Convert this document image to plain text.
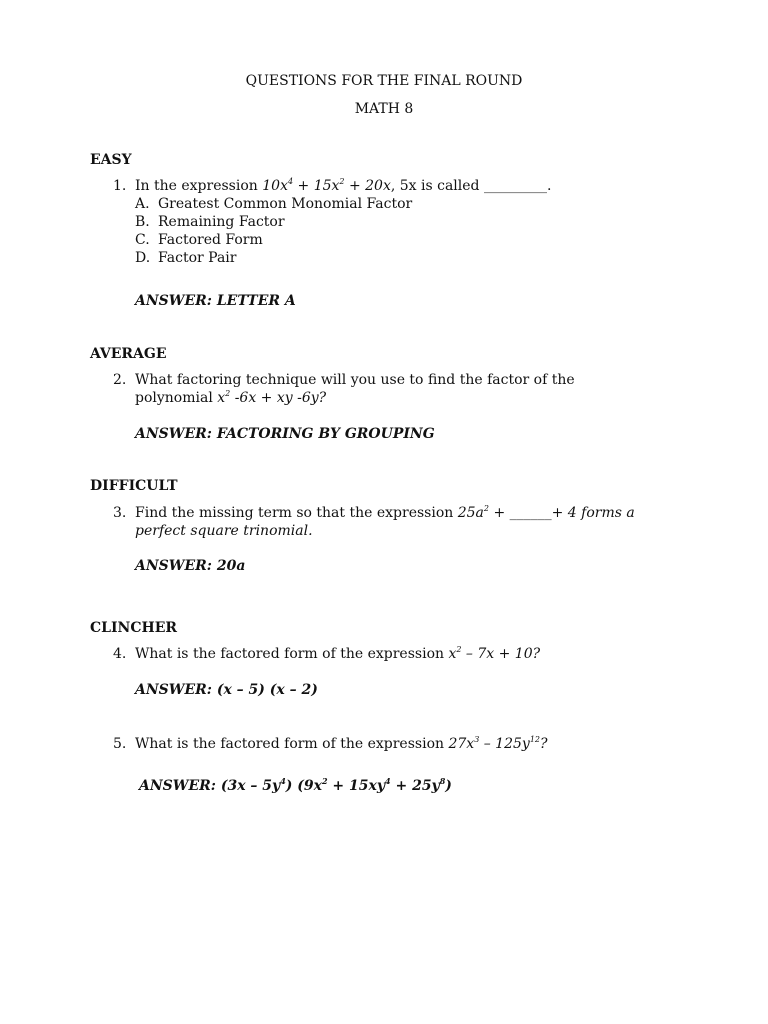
QUESTIONS FOR THE FINAL ROUND
MATH 8
EASY
1. In the expression $10x^4 + 15x^2 + 20x$, 5x is called _________.
A. Greatest Common Monomial Factor
B. Remaining Factor
C. Factored Form
D. Factor Pair
ANSWER: LETTER A
AVERAGE
2. What factoring technique will you use to find the factor of the
polynomial $x^2$ -6x + xy -6y?
ANSWER: FACTORING BY GROUPING
DIFFICULT
3. Find the missing term so that the expression $25a^2$ + ______+ 4 forms a
perfect square trinomial.
ANSWER: 20a
CLINCHER
4. What is the factored form of the expression $x^2 - 7x + 10$?
ANSWER: (x – 5) (x – 2)
5. What is the factored form of the expression $27x^3 - 125y^{12}$?
ANSWER: $(3x - 5y^4)$ $(9x^2 + 15xy^4 + 25y^8)$
